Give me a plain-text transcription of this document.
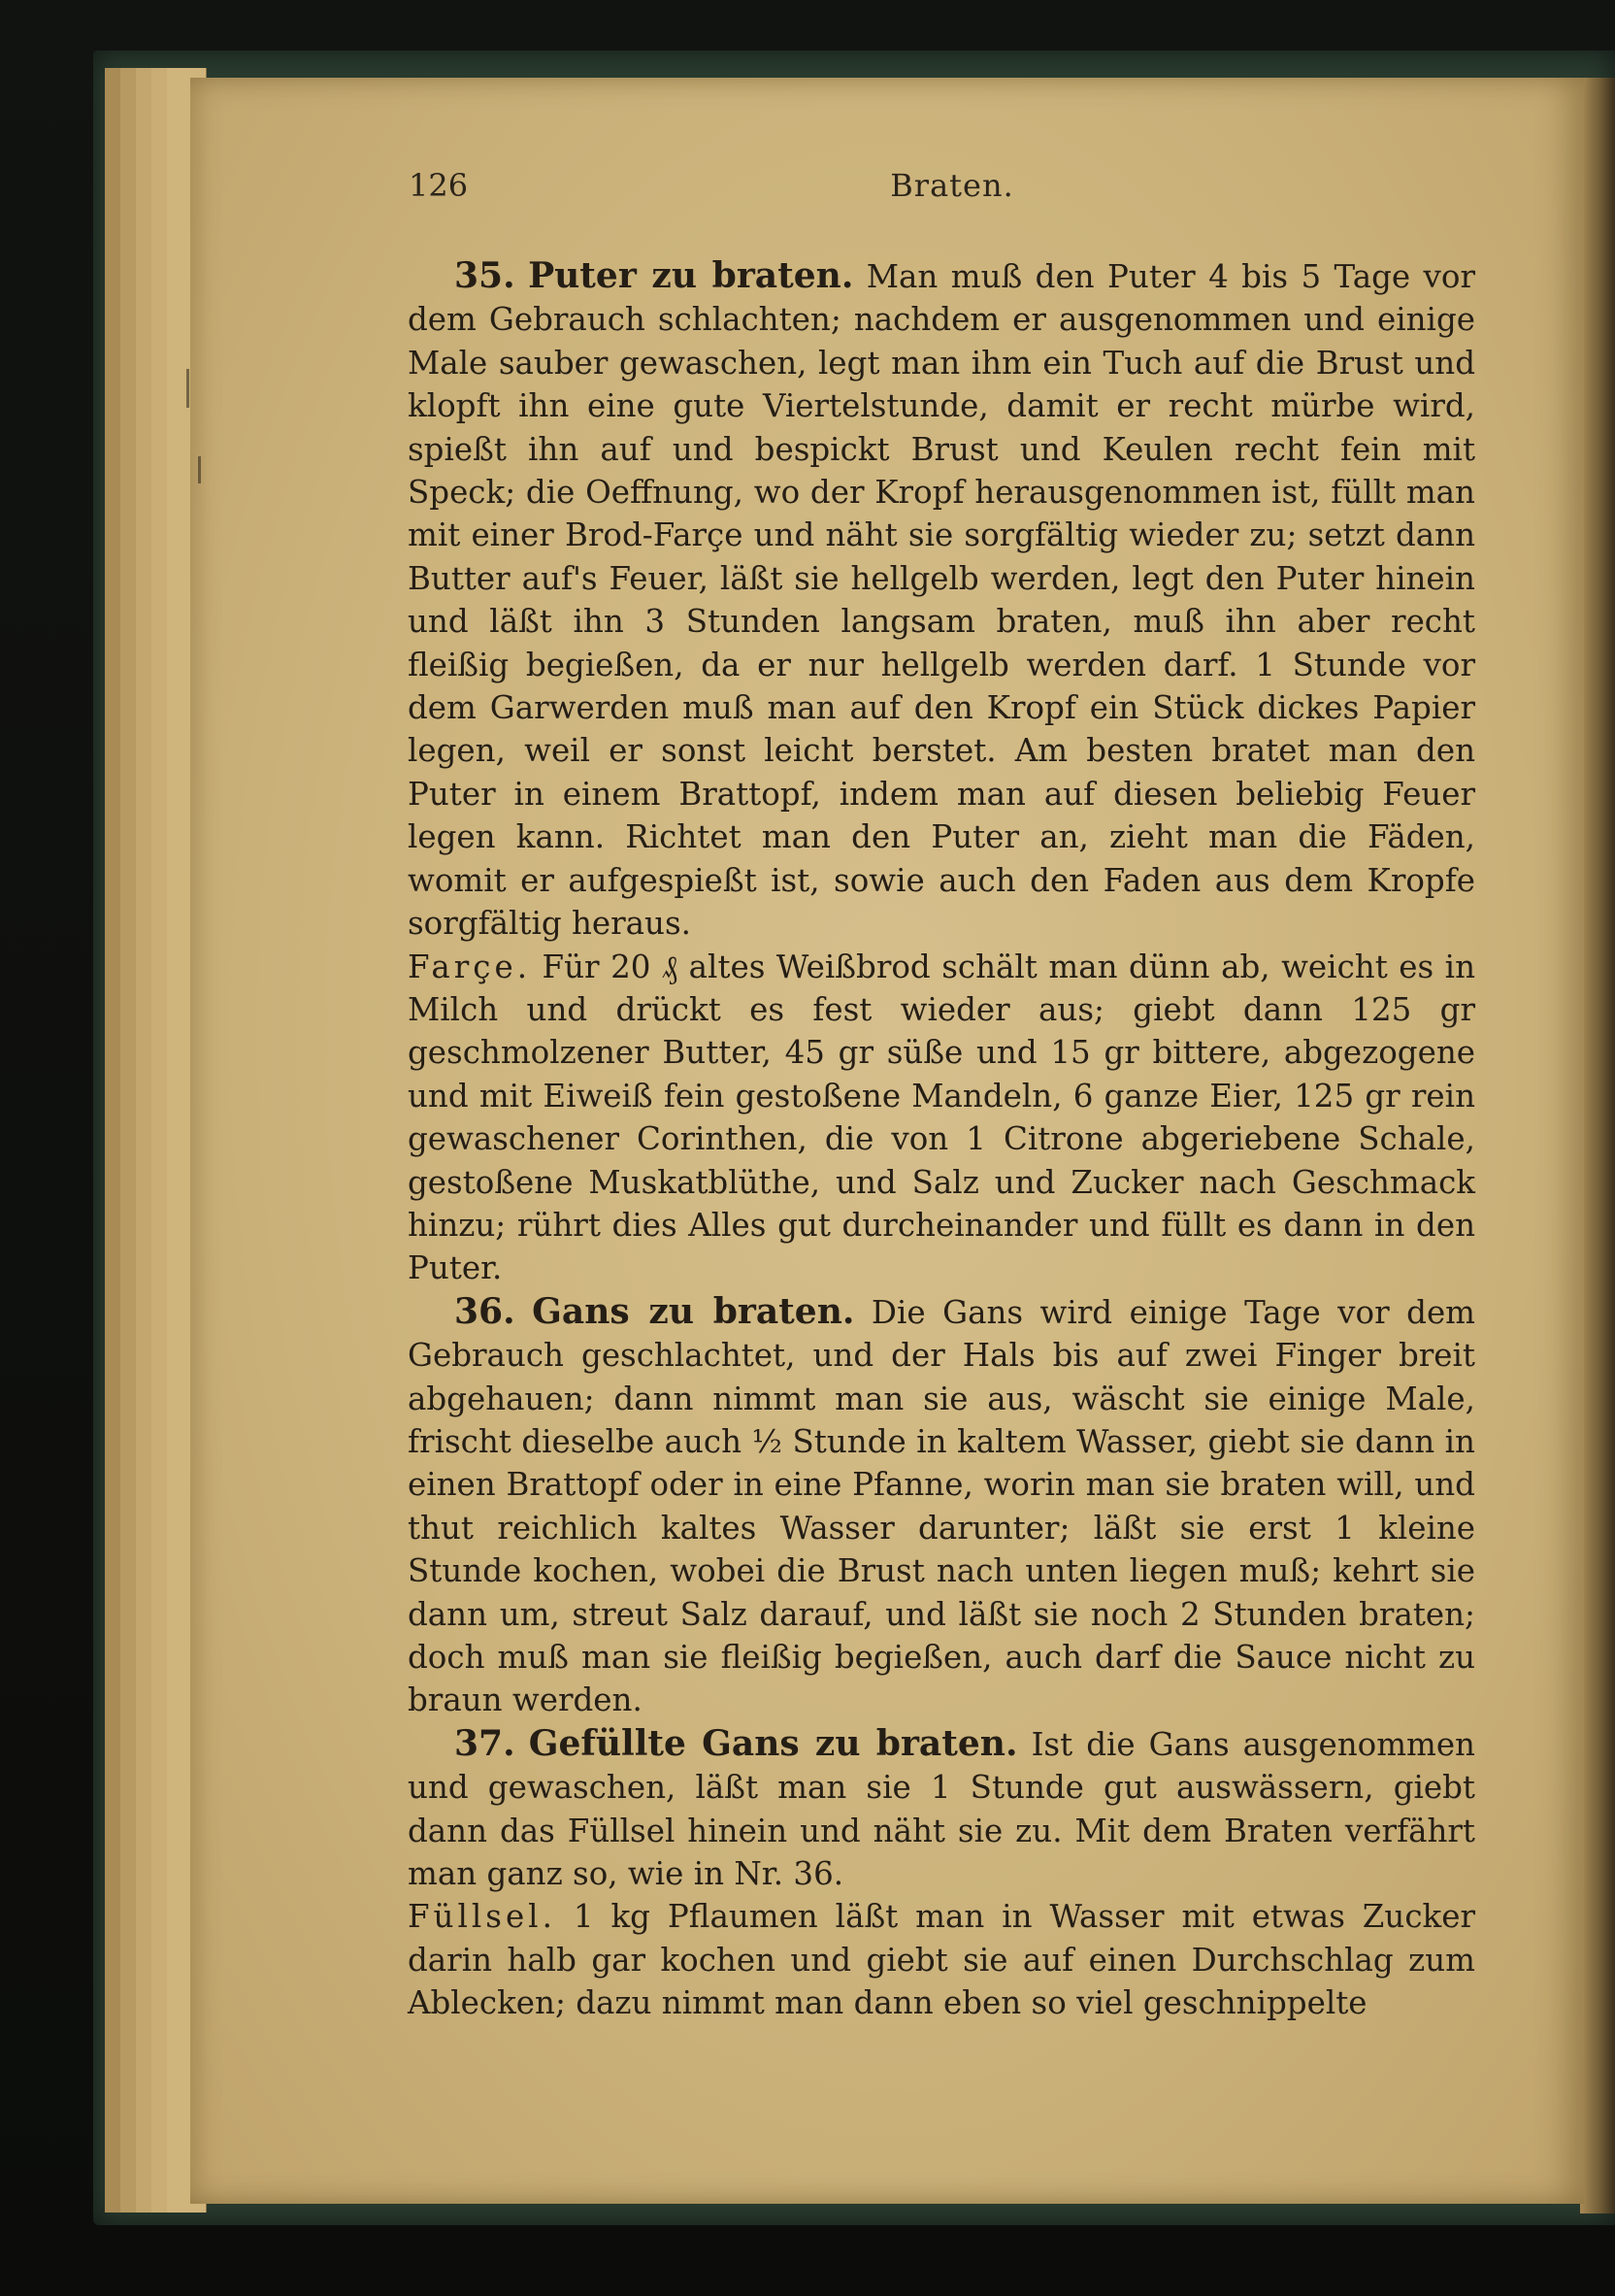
126	Braten.

35. Puter zu braten. Man muß den Puter 4 bis 5 Tage vor dem Gebrauch schlachten; nachdem er ausgenommen und einige Male sauber gewaschen, legt man ihm ein Tuch auf die Brust und klopft ihn eine gute Viertelstunde, damit er recht mürbe wird, spießt ihn auf und bespickt Brust und Keulen recht fein mit Speck; die Oeffnung, wo der Kropf herausgenommen ist, füllt man mit einer Brod-Farçe und näht sie sorgfältig wieder zu; setzt dann Butter auf's Feuer, läßt sie hellgelb werden, legt den Puter hinein und läßt ihn 3 Stunden langsam braten, muß ihn aber recht fleißig begießen, da er nur hellgelb werden darf. 1 Stunde vor dem Garwerden muß man auf den Kropf ein Stück dickes Papier legen, weil er sonst leicht berstet. Am besten bratet man den Puter in einem Brattopf, indem man auf diesen beliebig Feuer legen kann. Richtet man den Puter an, zieht man die Fäden, womit er aufgespießt ist, sowie auch den Faden aus dem Kropfe sorgfältig heraus.

Farçe. Für 20 ₰ altes Weißbrod schält man dünn ab, weicht es in Milch und drückt es fest wieder aus; giebt dann 125 gr geschmolzener Butter, 45 gr süße und 15 gr bittere, abgezogene und mit Eiweiß fein gestoßene Mandeln, 6 ganze Eier, 125 gr rein gewaschener Corinthen, die von 1 Citrone abgeriebene Schale, gestoßene Muskatblüthe, und Salz und Zucker nach Geschmack hinzu; rührt dies Alles gut durcheinander und füllt es dann in den Puter.

36. Gans zu braten. Die Gans wird einige Tage vor dem Gebrauch geschlachtet, und der Hals bis auf zwei Finger breit abgehauen; dann nimmt man sie aus, wäscht sie einige Male, frischt dieselbe auch ½ Stunde in kaltem Wasser, giebt sie dann in einen Brattopf oder in eine Pfanne, worin man sie braten will, und thut reichlich kaltes Wasser darunter; läßt sie erst 1 kleine Stunde kochen, wobei die Brust nach unten liegen muß; kehrt sie dann um, streut Salz darauf, und läßt sie noch 2 Stunden braten; doch muß man sie fleißig begießen, auch darf die Sauce nicht zu braun werden.

37. Gefüllte Gans zu braten. Ist die Gans ausgenommen und gewaschen, läßt man sie 1 Stunde gut auswässern, giebt dann das Füllsel hinein und näht sie zu. Mit dem Braten verfährt man ganz so, wie in Nr. 36.

Füllsel. 1 kg Pflaumen läßt man in Wasser mit etwas Zucker darin halb gar kochen und giebt sie auf einen Durchschlag zum Ablecken; dazu nimmt man dann eben so viel geschnippelte
